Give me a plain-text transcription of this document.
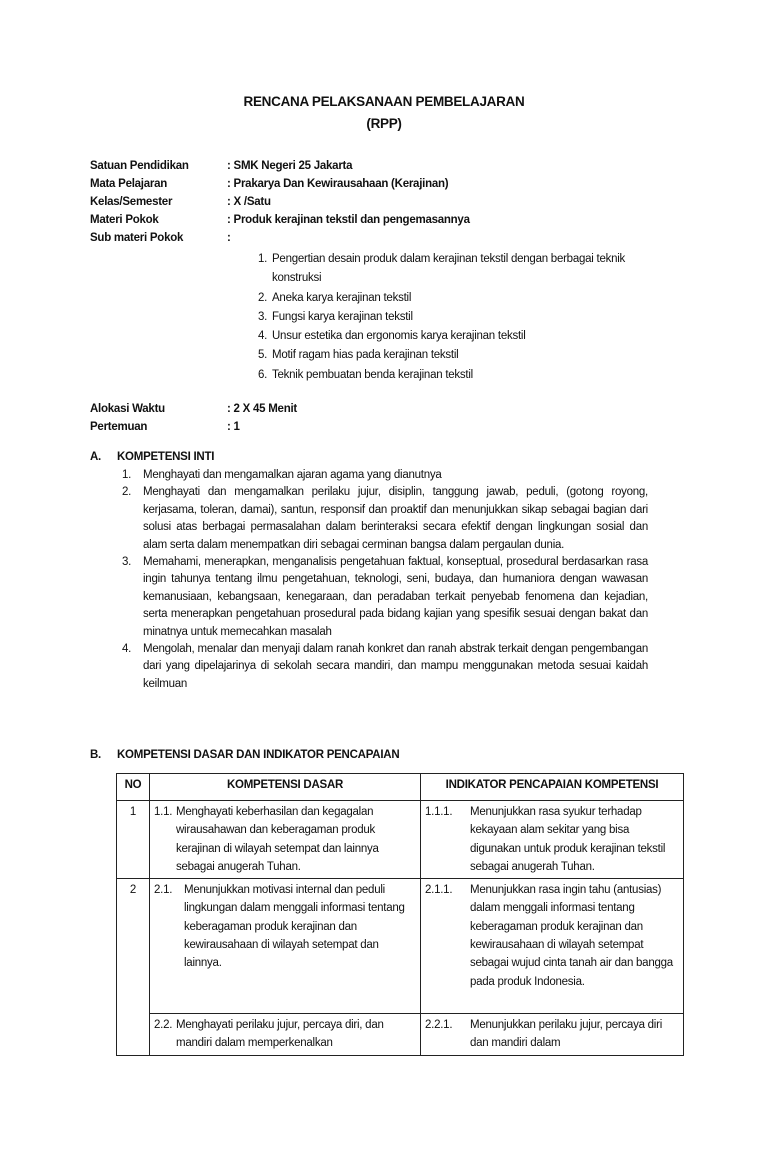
RENCANA PELAKSANAAN PEMBELAJARAN
(RPP)
Satuan Pendidikan	: SMK Negeri 25 Jakarta
Mata Pelajaran	: Prakarya Dan Kewirausahaan (Kerajinan)
Kelas/Semester	: X /Satu
Materi Pokok	: Produk kerajinan tekstil dan pengemasannya
Sub materi Pokok	:
1. Pengertian desain produk dalam kerajinan tekstil dengan berbagai teknik konstruksi
2. Aneka karya kerajinan tekstil
3. Fungsi karya kerajinan tekstil
4. Unsur estetika dan ergonomis karya kerajinan tekstil
5. Motif ragam hias pada kerajinan tekstil
6. Teknik pembuatan benda kerajinan tekstil
Alokasi Waktu	: 2 X 45 Menit
Pertemuan	: 1
A.	KOMPETENSI INTI
1.	Menghayati dan mengamalkan ajaran agama yang dianutnya
2.	Menghayati dan mengamalkan perilaku jujur, disiplin, tanggung jawab, peduli, (gotong royong, kerjasama, toleran, damai), santun, responsif dan proaktif dan menunjukkan sikap sebagai bagian dari solusi atas berbagai permasalahan dalam berinteraksi secara efektif dengan lingkungan sosial dan alam serta dalam menempatkan diri sebagai cerminan bangsa dalam pergaulan dunia.
3.	Memahami, menerapkan, menganalisis pengetahuan faktual, konseptual, prosedural berdasarkan rasa ingin tahunya tentang ilmu pengetahuan, teknologi, seni, budaya, dan humaniora dengan wawasan kemanusiaan, kebangsaan, kenegaraan, dan peradaban terkait penyebab fenomena dan kejadian, serta menerapkan pengetahuan prosedural pada bidang kajian yang spesifik sesuai dengan bakat dan minatnya untuk memecahkan masalah
4.	Mengolah, menalar dan menyaji dalam ranah konkret dan ranah abstrak terkait dengan pengembangan dari yang dipelajarinya di sekolah secara mandiri, dan mampu menggunakan metoda sesuai kaidah keilmuan
B.	KOMPETENSI DASAR DAN INDIKATOR PENCAPAIAN
NO	KOMPETENSI DASAR	INDIKATOR PENCAPAIAN KOMPETENSI
1	1.1. Menghayati keberhasilan dan kegagalan wirausahawan dan keberagaman produk kerajinan di wilayah setempat dan lainnya sebagai anugerah Tuhan.	1.1.1. Menunjukkan rasa syukur terhadap kekayaan alam sekitar yang bisa digunakan untuk produk kerajinan tekstil sebagai anugerah Tuhan.

2	2.1. Menunjukkan motivasi internal dan peduli lingkungan dalam menggali informasi tentang keberagaman produk kerajinan dan kewirausahaan di wilayah setempat dan lainnya.	2.1.1. Menunjukkan rasa ingin tahu (antusias) dalam menggali informasi tentang keberagaman produk kerajinan dan kewirausahaan di wilayah setempat sebagai wujud cinta tanah air dan bangga pada produk Indonesia.

	2.2. Menghayati perilaku jujur, percaya diri, dan mandiri dalam memperkenalkan	2.2.1. Menunjukkan perilaku jujur, percaya diri dan mandiri dalam
